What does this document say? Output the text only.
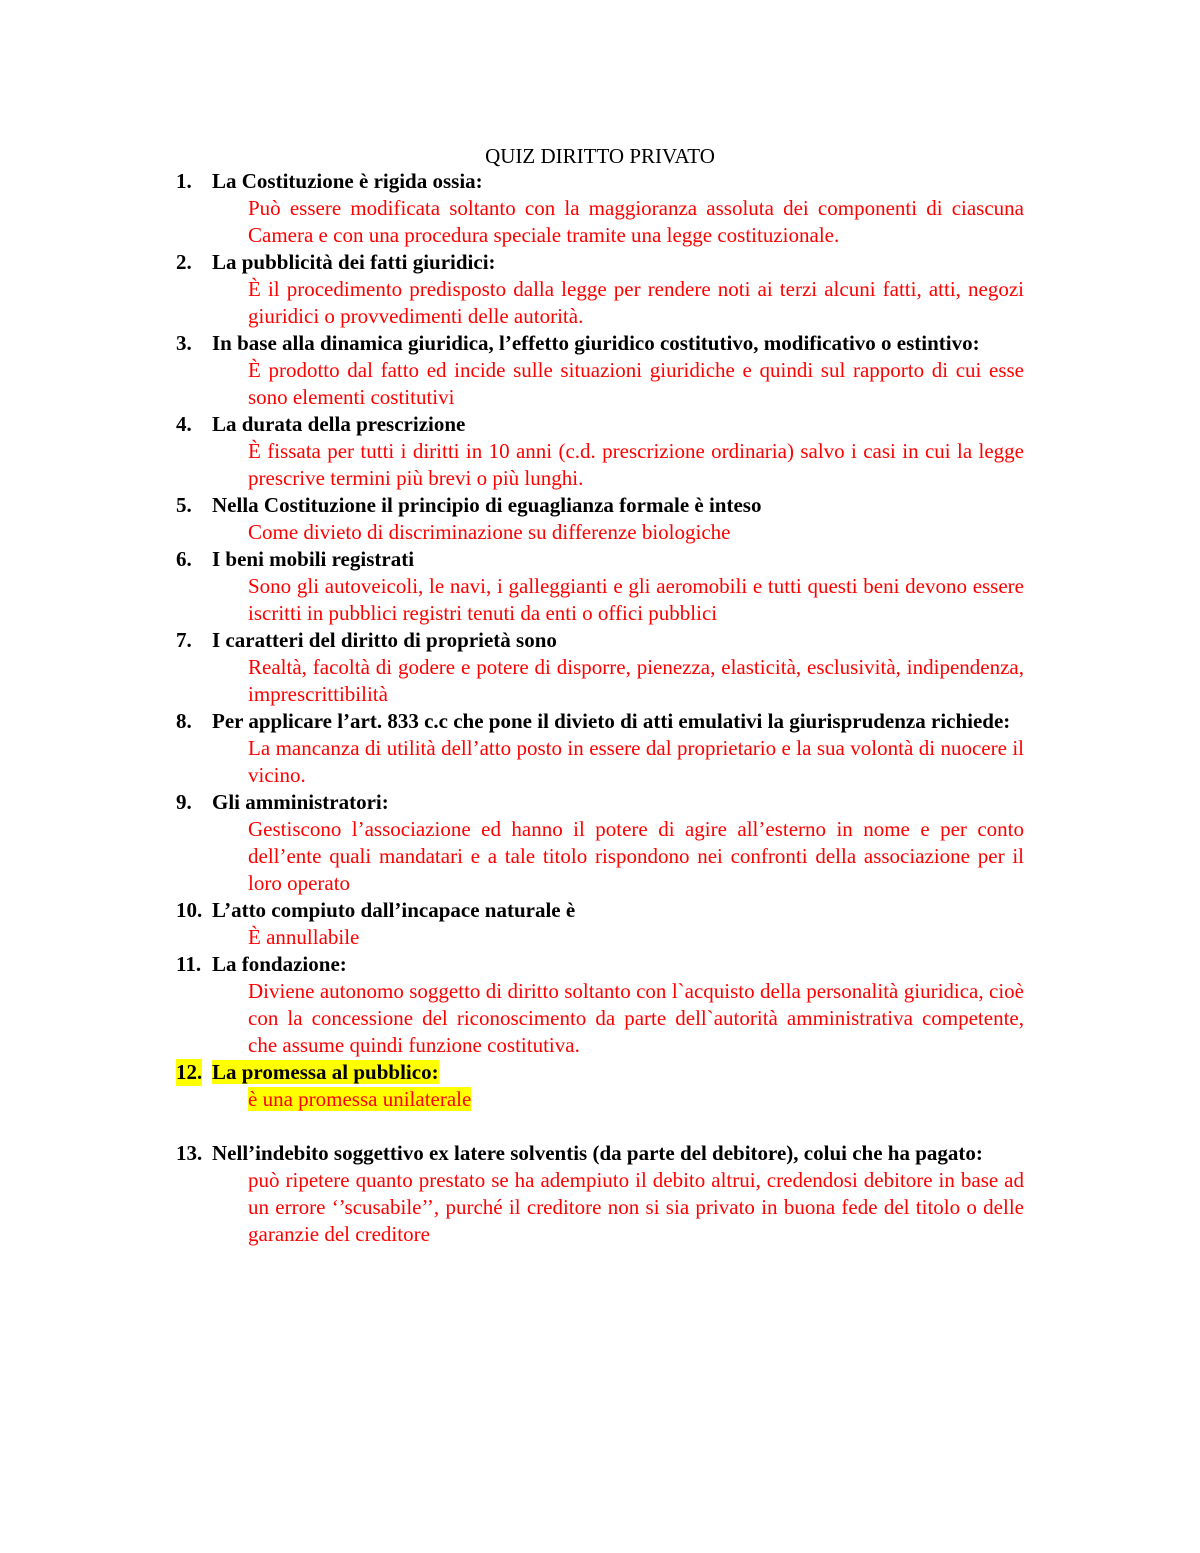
QUIZ DIRITTO PRIVATO
1. La Costituzione è rigida ossia:
Può essere modificata soltanto con la maggioranza assoluta dei componenti di ciascuna Camera e con una procedura speciale tramite una legge costituzionale.
2. La pubblicità dei fatti giuridici:
È il procedimento predisposto dalla legge per rendere noti ai terzi alcuni fatti, atti, negozi giuridici o provvedimenti delle autorità.
3. In base alla dinamica giuridica, l’effetto giuridico costitutivo, modificativo o estintivo:
È prodotto dal fatto ed incide sulle situazioni giuridiche e quindi sul rapporto di cui esse sono elementi costitutivi
4. La durata della prescrizione
È fissata per tutti i diritti in 10 anni (c.d. prescrizione ordinaria) salvo i casi in cui la legge prescrive termini più brevi o più lunghi.
5. Nella Costituzione il principio di eguaglianza formale è inteso
Come divieto di discriminazione su differenze biologiche
6. I beni mobili registrati
Sono gli autoveicoli, le navi, i galleggianti e gli aeromobili e tutti questi beni devono essere iscritti in pubblici registri tenuti da enti o offici pubblici
7. I caratteri del diritto di proprietà sono
Realtà, facoltà di godere e potere di disporre, pienezza, elasticità, esclusività, indipendenza, imprescrittibilità
8. Per applicare l’art. 833 c.c che pone il divieto di atti emulativi la giurisprudenza richiede:
La mancanza di utilità dell’atto posto in essere dal proprietario e la sua volontà di nuocere il vicino.
9. Gli amministratori:
Gestiscono l’associazione ed hanno il potere di agire all’esterno in nome e per conto dell’ente quali mandatari e a tale titolo rispondono nei confronti della associazione per il loro operato
10. L’atto compiuto dall’incapace naturale è
È annullabile
11. La fondazione:
Diviene autonomo soggetto di diritto soltanto con l`acquisto della personalità giuridica, cioè con la concessione del riconoscimento da parte dell`autorità amministrativa competente, che assume quindi funzione costitutiva.
12. La promessa al pubblico:
è una promessa unilaterale
13. Nell’indebito soggettivo ex latere solventis (da parte del debitore), colui che ha pagato:
può ripetere quanto prestato se ha adempiuto il debito altrui, credendosi debitore in base ad un errore ‘’scusabile’’, purché il creditore non si sia privato in buona fede del titolo o delle garanzie del creditore
